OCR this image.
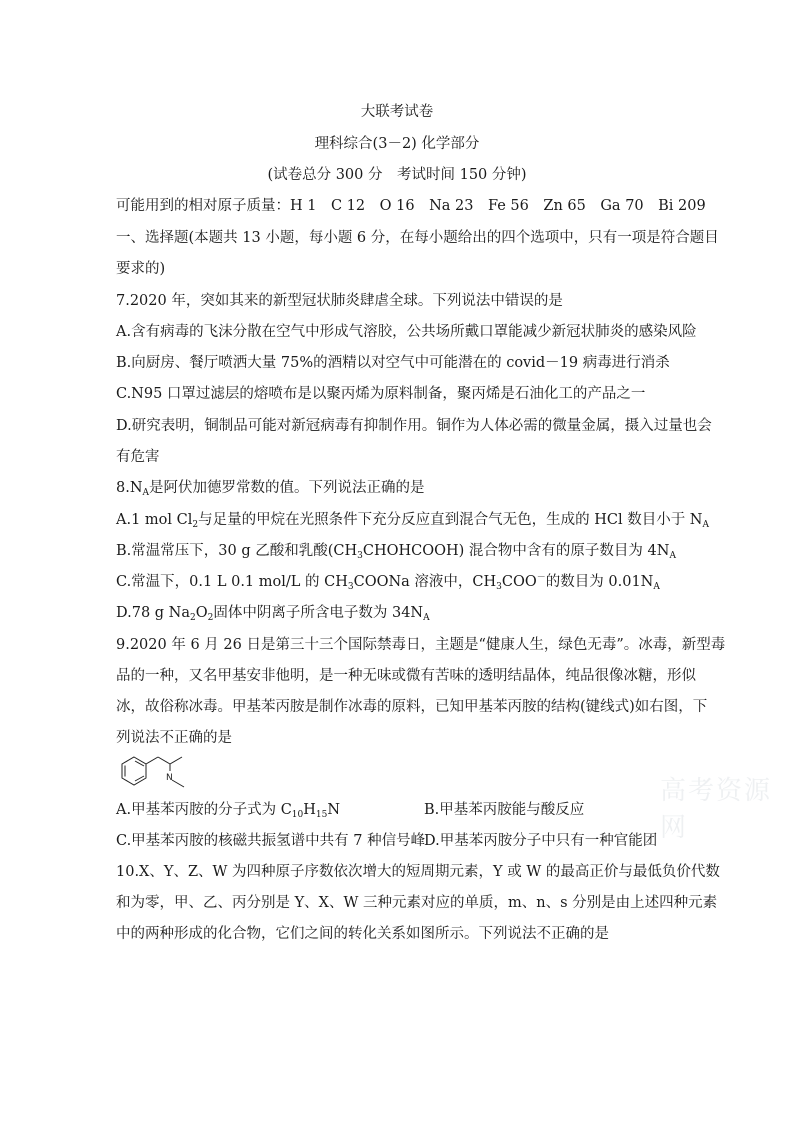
大联考试卷
理科综合(3－2) 化学部分
(试卷总分 300 分　考试时间 150 分钟)
可能用到的相对原子质量：H 1　C 12　O 16　Na 23　Fe 56　Zn 65　Ga 70　Bi 209
一、选择题(本题共 13 小题，每小题 6 分，在每小题给出的四个选项中，只有一项是符合题目
要求的)
7.2020 年，突如其来的新型冠状肺炎肆虐全球。下列说法中错误的是
A.含有病毒的飞沫分散在空气中形成气溶胶，公共场所戴口罩能减少新冠状肺炎的感染风险
B.向厨房、餐厅喷洒大量 75%的酒精以对空气中可能潜在的 covid－19 病毒进行消杀
C.N95 口罩过滤层的熔喷布是以聚丙烯为原料制备，聚丙烯是石油化工的产品之一
D.研究表明，铜制品可能对新冠病毒有抑制作用。铜作为人体必需的微量金属，摄入过量也会
有危害
$8.N_A$是阿伏加德罗常数的值。下列说法正确的是
A.1 mol $Cl_2$与足量的甲烷在光照条件下充分反应直到混合气无色，生成的 HCl 数目小于 $N_A$
B.常温常压下，30 g 乙酸和乳酸$(CH_3CHOHCOOH)$ 混合物中含有的原子数目为 $4N_A$
C.常温下，0.1 L 0.1 mol/L 的 $CH_3COONa$ 溶液中，$CH_3COO^-$的数目为 $0.01N_A$
D.78 g $Na_2O_2$固体中阴离子所含电子数为 $34N_A$
9.2020 年 6 月 26 日是第三十三个国际禁毒日，主题是“健康人生，绿色无毒”。冰毒，新型毒
品的一种，又名甲基安非他明，是一种无味或微有苦味的透明结晶体，纯品很像冰糖，形似
冰，故俗称冰毒。甲基苯丙胺是制作冰毒的原料，已知甲基苯丙胺的结构(键线式)如右图，下
列说法不正确的是
N
A.甲基苯丙胺的分子式为 $C_{10}H_{15}N$	B.甲基苯丙胺能与酸反应
C.甲基苯丙胺的核磁共振氢谱中共有 7 种信号峰
D.甲基苯丙胺分子中只有一种官能团
10.X、Y、Z、W 为四种原子序数依次增大的短周期元素，Y 或 W 的最高正价与最低负价代数
和为零，甲、乙、丙分别是 Y、X、W 三种元素对应的单质，m、n、s 分别是由上述四种元素
中的两种形成的化合物，它们之间的转化关系如图所示。下列说法不正确的是
高考资源网
